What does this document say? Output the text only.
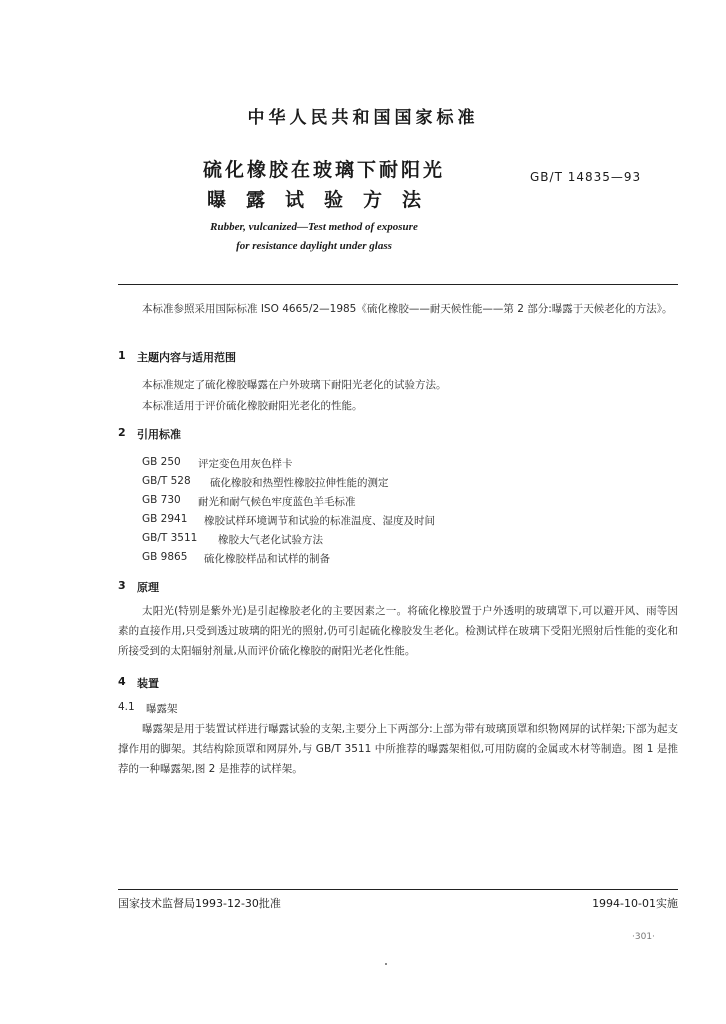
中华人民共和国国家标准
硫化橡胶在玻璃下耐阳光
曝露试验方法
GB/T 14835—93
Rubber, vulcanized—Test method of exposure
for resistance daylight under glass
本标准参照采用国际标准 ISO 4665/2—1985《硫化橡胶——耐天候性能——第 2 部分:曝露于天候老化的方法》。
1 主题内容与适用范围
本标准规定了硫化橡胶曝露在户外玻璃下耐阳光老化的试验方法。
本标准适用于评价硫化橡胶耐阳光老化的性能。
2 引用标准
GB 250 评定变色用灰色样卡
GB/T 528 硫化橡胶和热塑性橡胶拉伸性能的测定
GB 730 耐光和耐气候色牢度蓝色羊毛标准
GB 2941 橡胶试样环境调节和试验的标准温度、湿度及时间
GB/T 3511 橡胶大气老化试验方法
GB 9865 硫化橡胶样品和试样的制备
3 原理
太阳光(特别是紫外光)是引起橡胶老化的主要因素之一。将硫化橡胶置于户外透明的玻璃罩下,可以避开风、雨等因素的直接作用,只受到透过玻璃的阳光的照射,仍可引起硫化橡胶发生老化。检测试样在玻璃下受阳光照射后性能的变化和所接受到的太阳辐射剂量,从而评价硫化橡胶的耐阳光老化性能。
4 装置
4.1 曝露架
曝露架是用于装置试样进行曝露试验的支架,主要分上下两部分:上部为带有玻璃顶罩和织物网屏的试样架;下部为起支撑作用的脚架。其结构除顶罩和网屏外,与 GB/T 3511 中所推荐的曝露架相似,可用防腐的金属或木材等制造。图 1 是推荐的一种曝露架,图 2 是推荐的试样架。
国家技术监督局1993-12-30批准	1994-10-01实施
·301·
